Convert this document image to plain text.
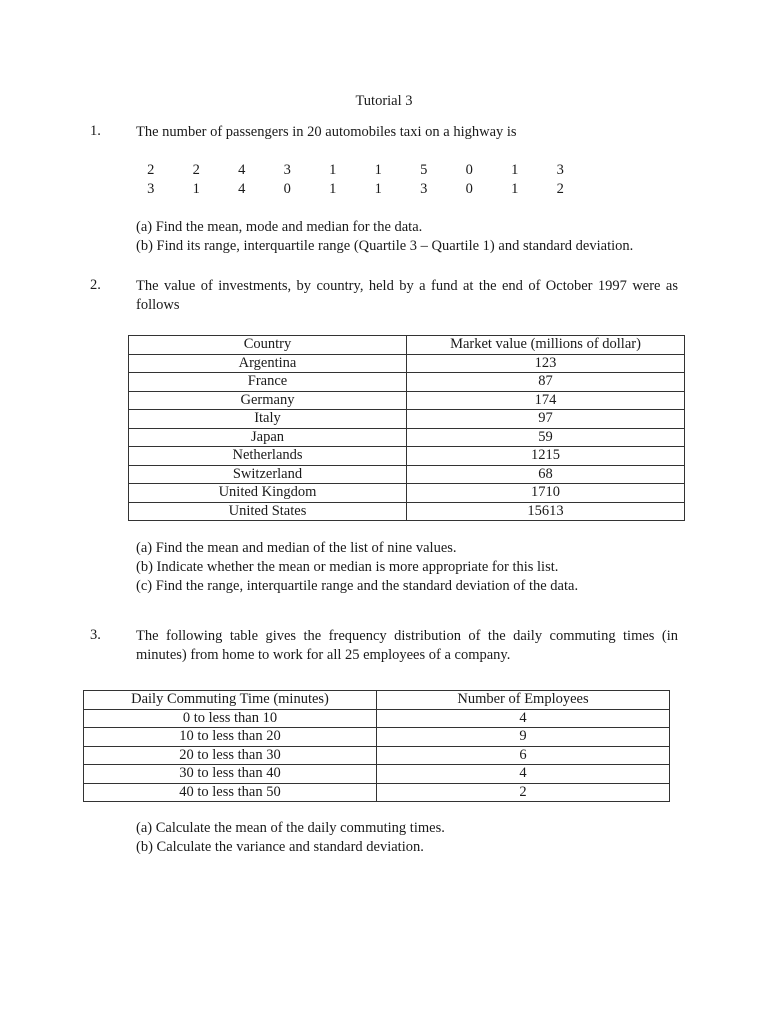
Tutorial 3
1. The number of passengers in 20 automobiles taxi on a highway is
2	2	4	3	1	1	5	0	1	3
3	1	4	0	1	1	3	0	1	2
(a) Find the mean, mode and median for the data.
(b) Find its range, interquartile range (Quartile 3 – Quartile 1) and standard deviation.
2. The value of investments, by country, held by a fund at the end of October 1997 were as follows
Country	Market value (millions of dollar)
Argentina	123
France	87
Germany	174
Italy	97
Japan	59
Netherlands	1215
Switzerland	68
United Kingdom	1710
United States	15613
(a) Find the mean and median of the list of nine values.
(b) Indicate whether the mean or median is more appropriate for this list.
(c) Find the range, interquartile range and the standard deviation of the data.
3. The following table gives the frequency distribution of the daily commuting times (in minutes) from home to work for all 25 employees of a company.
Daily Commuting Time (minutes)	Number of Employees
0 to less than 10	4
10 to less than 20	9
20 to less than 30	6
30 to less than 40	4
40 to less than 50	2
(a) Calculate the mean of the daily commuting times.
(b) Calculate the variance and standard deviation.
